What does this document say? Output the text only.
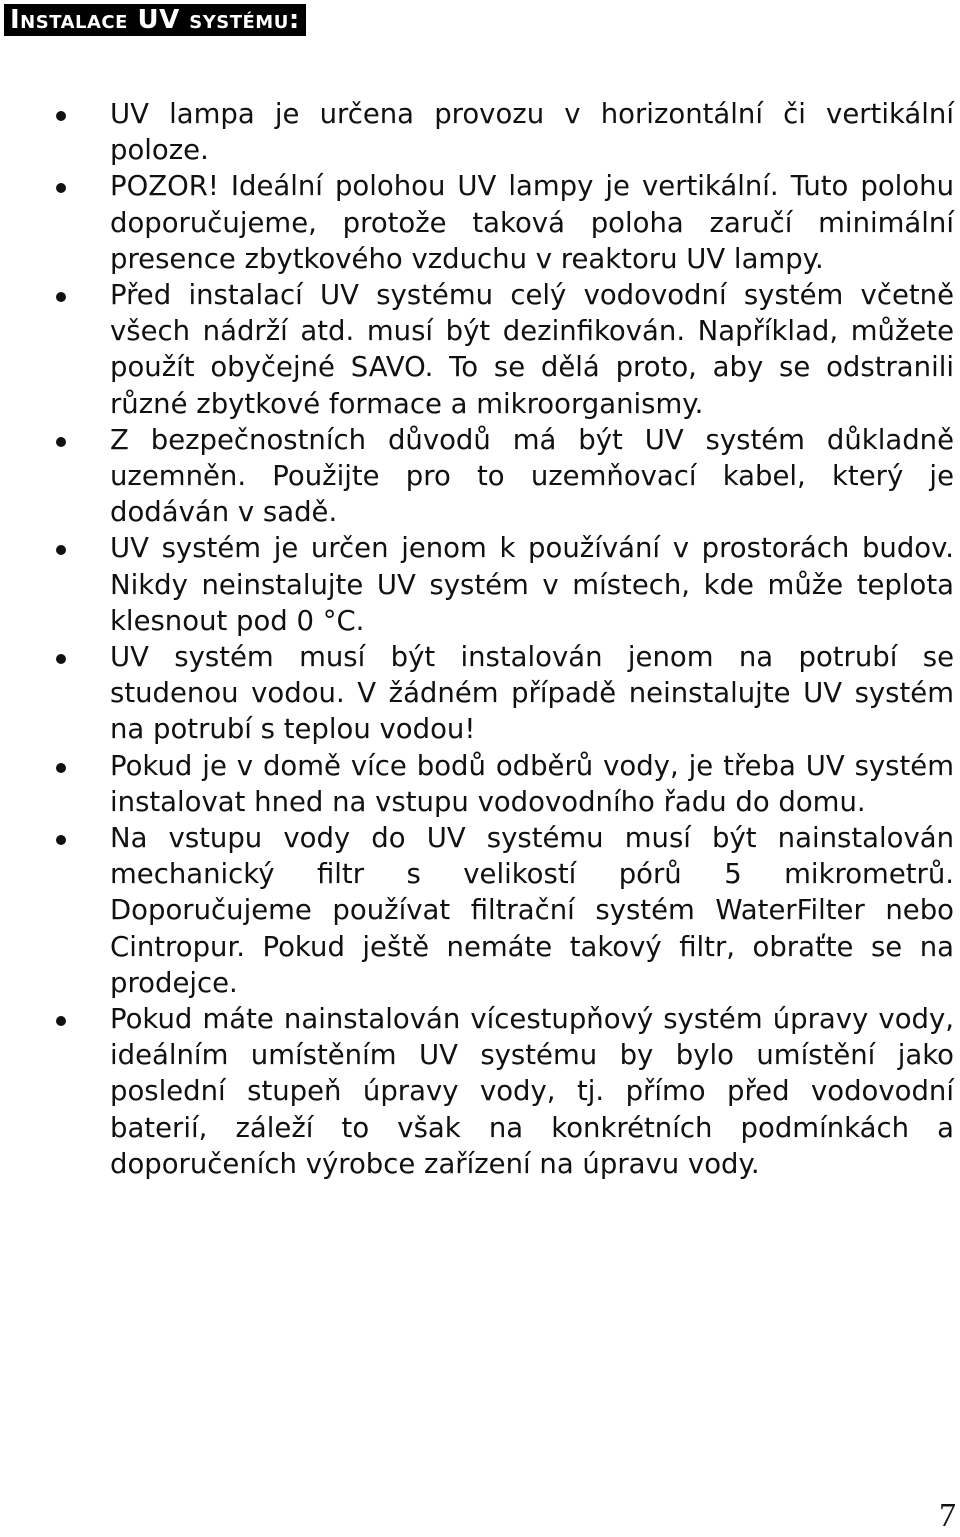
Instalace UV systému:
UV lampa je určena provozu v horizontální či vertikální poloze.
POZOR! Ideální polohou UV lampy je vertikální. Tuto polohu doporučujeme, protože taková poloha zaručí minimální presence zbytkového vzduchu v reaktoru UV lampy.
Před instalací UV systému celý vodovodní systém včetně všech nádrží atd. musí být dezinfikován. Například, můžete použít obyčejné SAVO. To se dělá proto, aby se odstranili různé zbytkové formace a mikroorganismy.
Z bezpečnostních důvodů má být UV systém důkladně uzemněn. Použijte pro to uzemňovací kabel, který je dodáván v sadě.
UV systém je určen jenom k používání v prostorách budov. Nikdy neinstalujte UV systém v místech, kde může teplota klesnout pod 0 °C.
UV systém musí být instalován jenom na potrubí se studenou vodou. V žádném případě neinstalujte UV systém na potrubí s teplou vodou!
Pokud je v domě více bodů odběrů vody, je třeba UV systém instalovat hned na vstupu vodovodního řadu do domu.
Na vstupu vody do UV systému musí být nainstalován mechanický filtr s velikostí pórů 5 mikrometrů. Doporučujeme používat filtrační systém WaterFilter nebo Cintropur. Pokud ještě nemáte takový filtr, obraťte se na prodejce.
Pokud máte nainstalován vícestupňový systém úpravy vody, ideálním umístěním UV systému by bylo umístění jako poslední stupeň úpravy vody, tj. přímo před vodovodní baterií, záleží to však na konkrétních podmínkách a doporučeních výrobce zařízení na úpravu vody.
7
